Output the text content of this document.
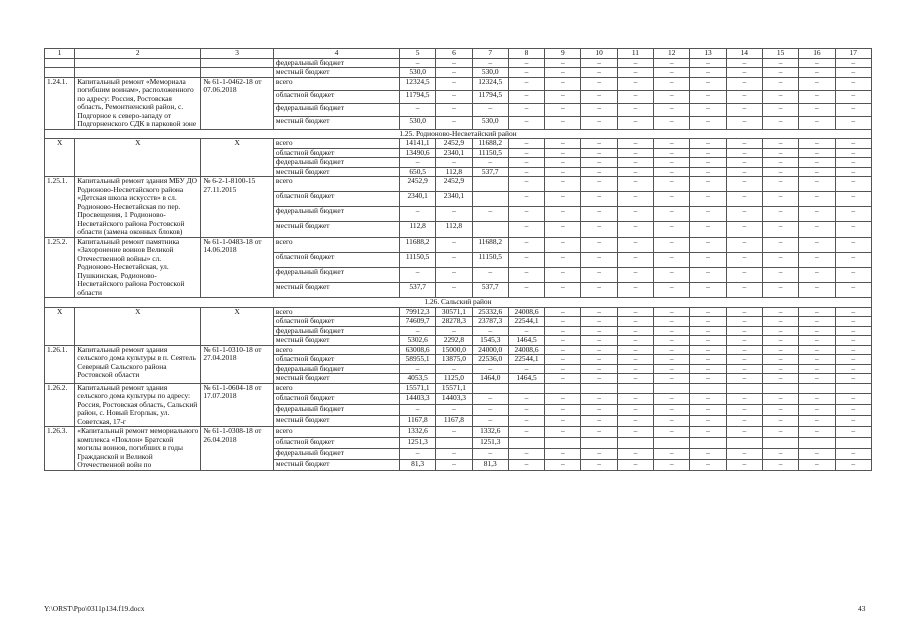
1	2	3	4	5	6	7	8	9	10	11	12	13	14	15	16	17
			федеральный бюджет	–	–	–	–	–	–	–	–	–	–	–	–	–
			местный бюджет	530,0	–	530,0	–	–	–	–	–	–	–	–	–	–
1.24.1.	Капитальный ремонт «Мемориала погибшим воинам», расположенного по адресу: Россия, Ростовская область, Ремонтненский район, с. Подгорное к северо-западу от Подгорненского СДК в парковой зоне	№ 61-1-0462-18 от 07.06.2018	всего	12324,5	–	12324,5	–	–	–	–	–	–	–	–	–	–
			областной бюджет	11794,5	–	11794,5	–	–	–	–	–	–	–	–	–	–
			федеральный бюджет	–	–	–	–	–	–	–	–	–	–	–	–	–
			местный бюджет	530,0	–	530,0	–	–	–	–	–	–	–	–	–	–
1.25. Родионово-Несветайский район																
Х	Х	Х	всего	14141,1	2452,9	11688,2	–	–	–	–	–	–	–	–	–	–
			областной бюджет	13490,6	2340,1	11150,5	–	–	–	–	–	–	–	–	–	–
			федеральный бюджет	–	–	–	–	–	–	–	–	–	–	–	–	–
			местный бюджет	650,5	112,8	537,7	–	–	–	–	–	–	–	–	–	–
1.25.1.	Капитальный ремонт здания МБУ ДО Родионово-Несветайского района «Детская школа искусств» в сл. Родионово-Несветайская по пер. Просвещения, 1 Родионово-Несветайского района Ростовской области (замена оконных блоков)	№ 6-2-1-8100-15 27.11.2015	всего	2452,9	2452,9		–	–	–	–	–	–	–	–	–	–
			областной бюджет	2340,1	2340,1		–	–	–	–	–	–	–	–	–	–
			федеральный бюджет	–	–	–	–	–	–	–	–	–	–	–	–	–
			местный бюджет	112,8	112,8		–	–	–	–	–	–	–	–	–	–
1.25.2.	Капитальный ремонт памятника «Захоронение воинов Великой Отечественной войны» сл. Родионово-Несветайская, ул. Пушкинская, Родионово-Несветайского района Ростовской области	№ 61-1-0483-18 от 14.06.2018	всего	11688,2	–	11688,2	–	–	–	–	–	–	–	–	–	–
			областной бюджет	11150,5	–	11150,5	–	–	–	–	–	–	–	–	–	–
			федеральный бюджет	–	–	–	–	–	–	–	–	–	–	–	–	–
			местный бюджет	537,7	–	537,7	–	–	–	–	–	–	–	–	–	–
1.26. Сальский район																
Х	Х	Х	всего	79912,3	30571,1	25332,6	24008,6	–	–	–	–	–	–	–	–	–
			областной бюджет	74609,7	28278,3	23787,3	22544,1	–	–	–	–	–	–	–	–	–
			федеральный бюджет	–	–	–	–	–	–	–	–	–	–	–	–	–
			местный бюджет	5302,6	2292,8	1545,3	1464,5	–	–	–	–	–	–	–	–	–
1.26.1.	Капитальный ремонт здания сельского дома культуры в п. Сеятель Северный Сальского района Ростовской области	№ 61-1-0310-18 от 27.04.2018	всего	63008,6	15000,0	24000,0	24008,6	–	–	–	–	–	–	–	–	–
			областной бюджет	58955,1	13875,0	22536,0	22544,1	–	–	–	–	–	–	–	–	–
			федеральный бюджет	–	–	–	–	–	–	–	–	–	–	–	–	–
			местный бюджет	4053,5	1125,0	1464,0	1464,5	–	–	–	–	–	–	–	–	–
1.26.2.	Капитальный ремонт здания сельского дома культуры по адресу: Россия, Ростовская область, Сальский район, с. Новый Егорлык, ул. Советская, 17-г	№ 61-1-0604-18 от 17.07.2018	всего	15571,1	15571,1											
			областной бюджет	14403,3	14403,3	–	–	–	–	–	–	–	–	–	–	–
			федеральный бюджет	–	–	–	–	–	–	–	–	–	–	–	–	–
			местный бюджет	1167,8	1167,8	–	–	–	–	–	–	–	–	–	–	–
1.26.3.	«Капитальный ремонт мемориального комплекса «Поклон» Братской могилы воинов, погибших в годы Гражданской и Великой Отечественной войн по	№ 61-1-0308-18 от 26.04.2018	всего	1332,6	–	1332,6	–	–	–	–	–	–	–	–	–	–
			областной бюджет	1251,3		1251,3										
			федеральный бюджет	–	–	–	–	–	–	–	–	–	–	–	–	–
			местный бюджет	81,3	–	81,3	–	–	–	–	–	–	–	–	–	–
Y:\ORST\Ppo\0311p134.f19.docx	43
